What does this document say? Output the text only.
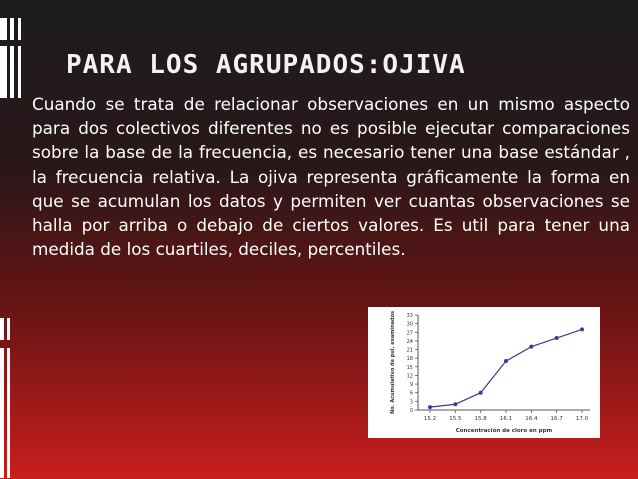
PARA LOS AGRUPADOS:OJIVA

Cuando se trata de relacionar observaciones en un mismo aspecto para dos colectivos diferentes no es posible ejecutar comparaciones sobre la base de la frecuencia, es necesario tener una base estándar , la frecuencia relativa. La ojiva representa gráficamente la forma en que se acumulan los datos y permiten ver cuantas observaciones se halla por arriba o debajo de ciertos valores. Es util para tener una medida de los cuartiles, deciles, percentiles.

0
3
6
9
12
15
18
21
24
27
30
33
15.2 15.5 15.8 16.1 16.4 16.7 17.0
Concentración de cloro en ppm
No. Acumulativo de pul. examinados
